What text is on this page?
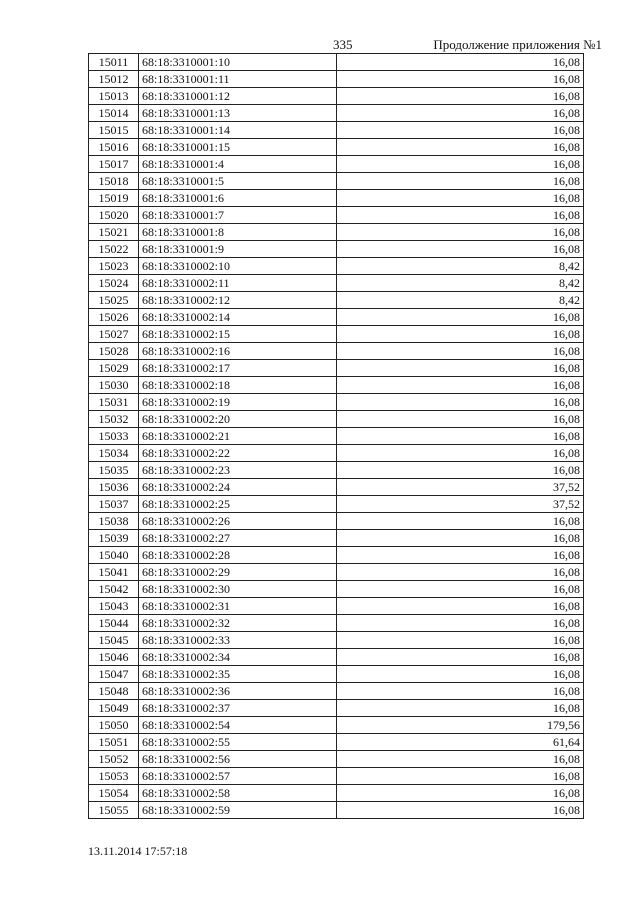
335	Продолжение приложения №1
15011	68:18:3310001:10	16,08
15012	68:18:3310001:11	16,08
15013	68:18:3310001:12	16,08
15014	68:18:3310001:13	16,08
15015	68:18:3310001:14	16,08
15016	68:18:3310001:15	16,08
15017	68:18:3310001:4	16,08
15018	68:18:3310001:5	16,08
15019	68:18:3310001:6	16,08
15020	68:18:3310001:7	16,08
15021	68:18:3310001:8	16,08
15022	68:18:3310001:9	16,08
15023	68:18:3310002:10	8,42
15024	68:18:3310002:11	8,42
15025	68:18:3310002:12	8,42
15026	68:18:3310002:14	16,08
15027	68:18:3310002:15	16,08
15028	68:18:3310002:16	16,08
15029	68:18:3310002:17	16,08
15030	68:18:3310002:18	16,08
15031	68:18:3310002:19	16,08
15032	68:18:3310002:20	16,08
15033	68:18:3310002:21	16,08
15034	68:18:3310002:22	16,08
15035	68:18:3310002:23	16,08
15036	68:18:3310002:24	37,52
15037	68:18:3310002:25	37,52
15038	68:18:3310002:26	16,08
15039	68:18:3310002:27	16,08
15040	68:18:3310002:28	16,08
15041	68:18:3310002:29	16,08
15042	68:18:3310002:30	16,08
15043	68:18:3310002:31	16,08
15044	68:18:3310002:32	16,08
15045	68:18:3310002:33	16,08
15046	68:18:3310002:34	16,08
15047	68:18:3310002:35	16,08
15048	68:18:3310002:36	16,08
15049	68:18:3310002:37	16,08
15050	68:18:3310002:54	179,56
15051	68:18:3310002:55	61,64
15052	68:18:3310002:56	16,08
15053	68:18:3310002:57	16,08
15054	68:18:3310002:58	16,08
15055	68:18:3310002:59	16,08
13.11.2014 17:57:18
